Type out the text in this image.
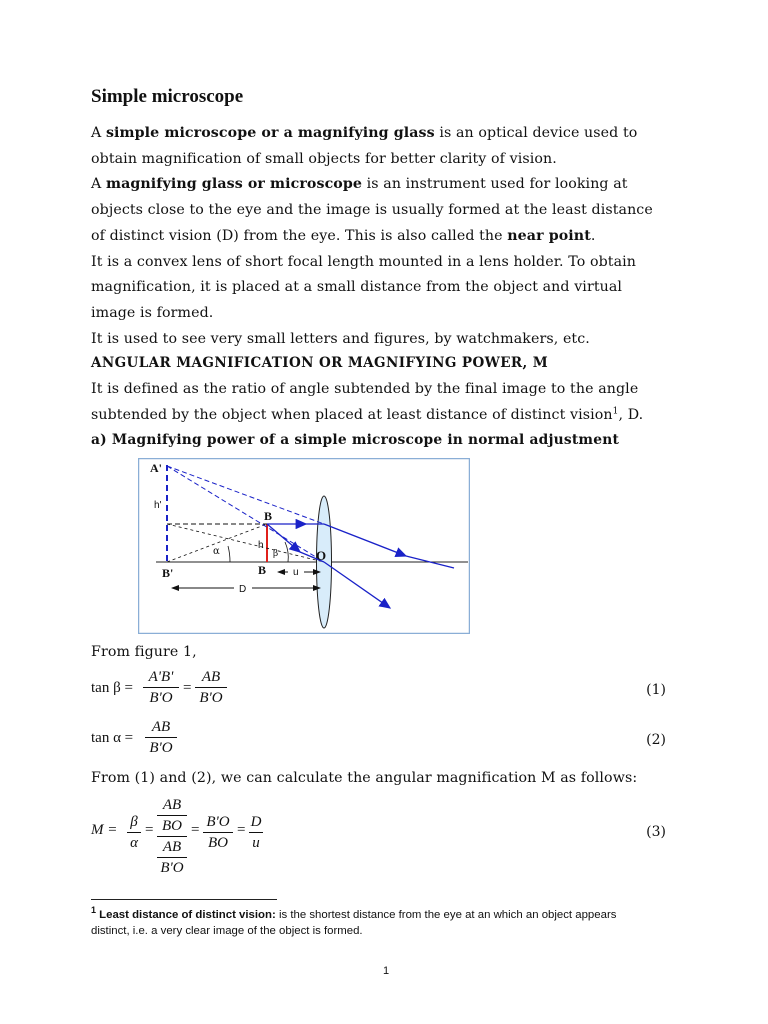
Simple microscope
A simple microscope or a magnifying glass is an optical device used to
obtain magnification of small objects for better clarity of vision.
A magnifying glass or microscope is an instrument used for looking at
objects close to the eye and the image is usually formed at the least distance
of distinct vision (D) from the eye. This is also called the near point.
It is a convex lens of short focal length mounted in a lens holder. To obtain
magnification, it is placed at a small distance from the object and virtual
image is formed.
It is used to see very small letters and figures, by watchmakers, etc.
ANGULAR MAGNIFICATION OR MAGNIFYING POWER, M
It is defined as the ratio of angle subtended by the final image to the angle
subtended by the object when placed at least distance of distinct vision$^1$, D.
a) Magnifying power of a simple microscope in normal adjustment
A'
h'
B
h
α	β	O
B'	B	u
D
From figure 1,
tan β =
A'B'
B'O
=
AB
B'O	(1)
tan α =
AB
B'O	(2)
From (1) and (2), we can calculate the angular magnification M as follows:
M = β
α
=
AB
BO
AB
B'O
= B'O
BO
= D
u
(3)
$^1$ Least distance of distinct vision: is the shortest distance from the eye at an which an object appears
distinct, i.e. a very clear image of the object is formed.
1
